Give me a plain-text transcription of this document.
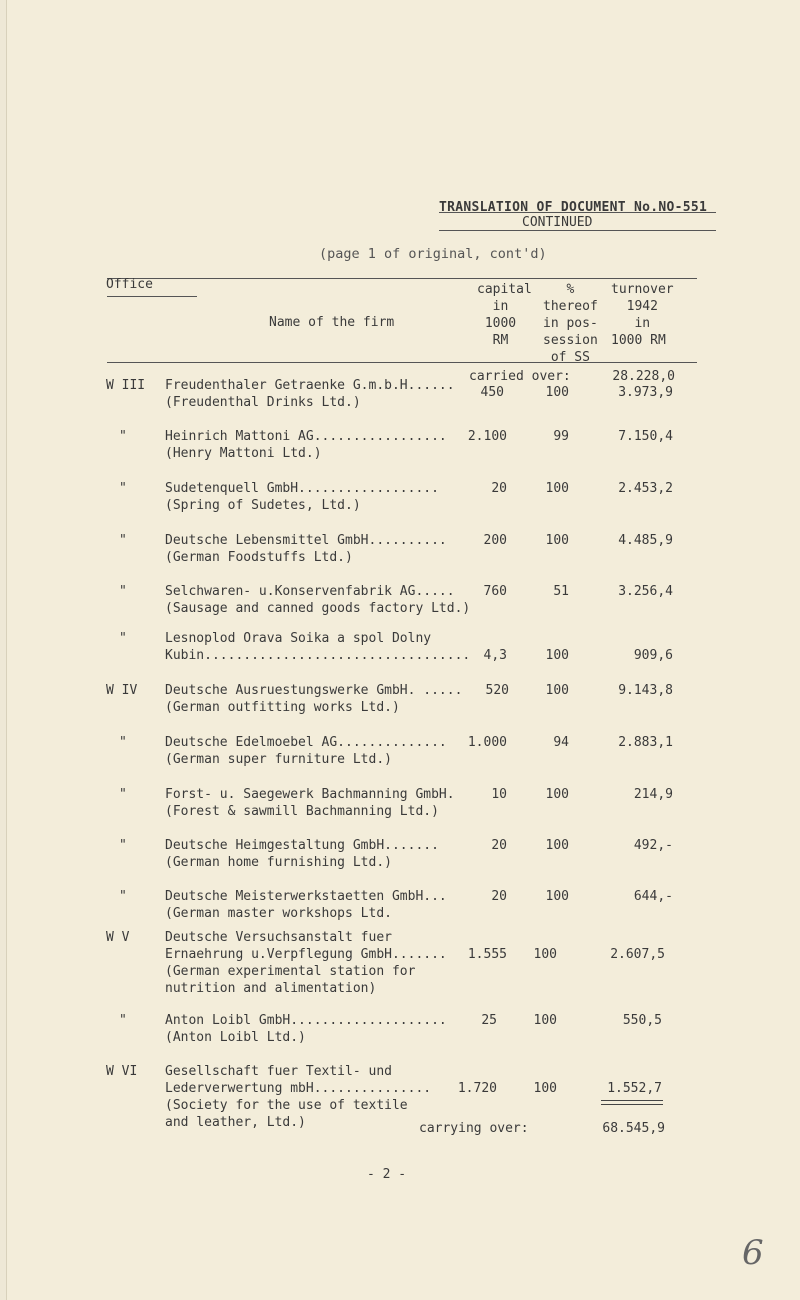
TRANSLATION OF DOCUMENT No.NO-551
CONTINUED
(page 1 of original, cont'd)
Office
Name of the firm
capital
in
1000
RM
%
thereof
in pos-
session
of SS
turnover
1942
in
1000 RM
carried over:	28.228,0
W III Freudenthaler Getraenke G.m.b.H......
(Freudenthal Drinks Ltd.)
450	100	3.973,9
"	Heinrich Mattoni AG.................
(Henry Mattoni Ltd.)
2.100	99	7.150,4
"	Sudetenquell GmbH..................
(Spring of Sudetes, Ltd.)
20	100	2.453,2
"	Deutsche Lebensmittel GmbH..........
(German Foodstuffs Ltd.)
200	100	4.485,9
"	Selchwaren- u.Konservenfabrik AG.....
(Sausage and canned goods factory Ltd.)
760	51	3.256,4
"	Lesnoplod Orava Soika a spol Dolny
Kubin..................................	4,3	100	909,6
W IV Deutsche Ausruestungswerke GmbH. .....
(German outfitting works Ltd.)
520	100	9.143,8
"	Deutsche Edelmoebel AG..............
(German super furniture Ltd.)
1.000	94	2.883,1
"	Forst- u. Saegewerk Bachmanning GmbH.
(Forest & sawmill Bachmanning Ltd.)
10	100	214,9
"	Deutsche Heimgestaltung GmbH.......
(German home furnishing Ltd.)
20	100	492,-
"	Deutsche Meisterwerkstaetten GmbH...
(German master workshops Ltd.
20	100	644,-
W V	Deutsche Versuchsanstalt fuer
Ernaehrung u.Verpflegung GmbH.......
(German experimental station for
nutrition and alimentation)
1.555	100	2.607,5
"	Anton Loibl GmbH....................
(Anton Loibl Ltd.)
25	100	550,5
W VI Gesellschaft fuer Textil- und
Lederverwertung mbH...............
(Society for the use of textile
and leather, Ltd.)
1.720	100	1.552,7
carrying over:	68.545,9
- 2 -
6
